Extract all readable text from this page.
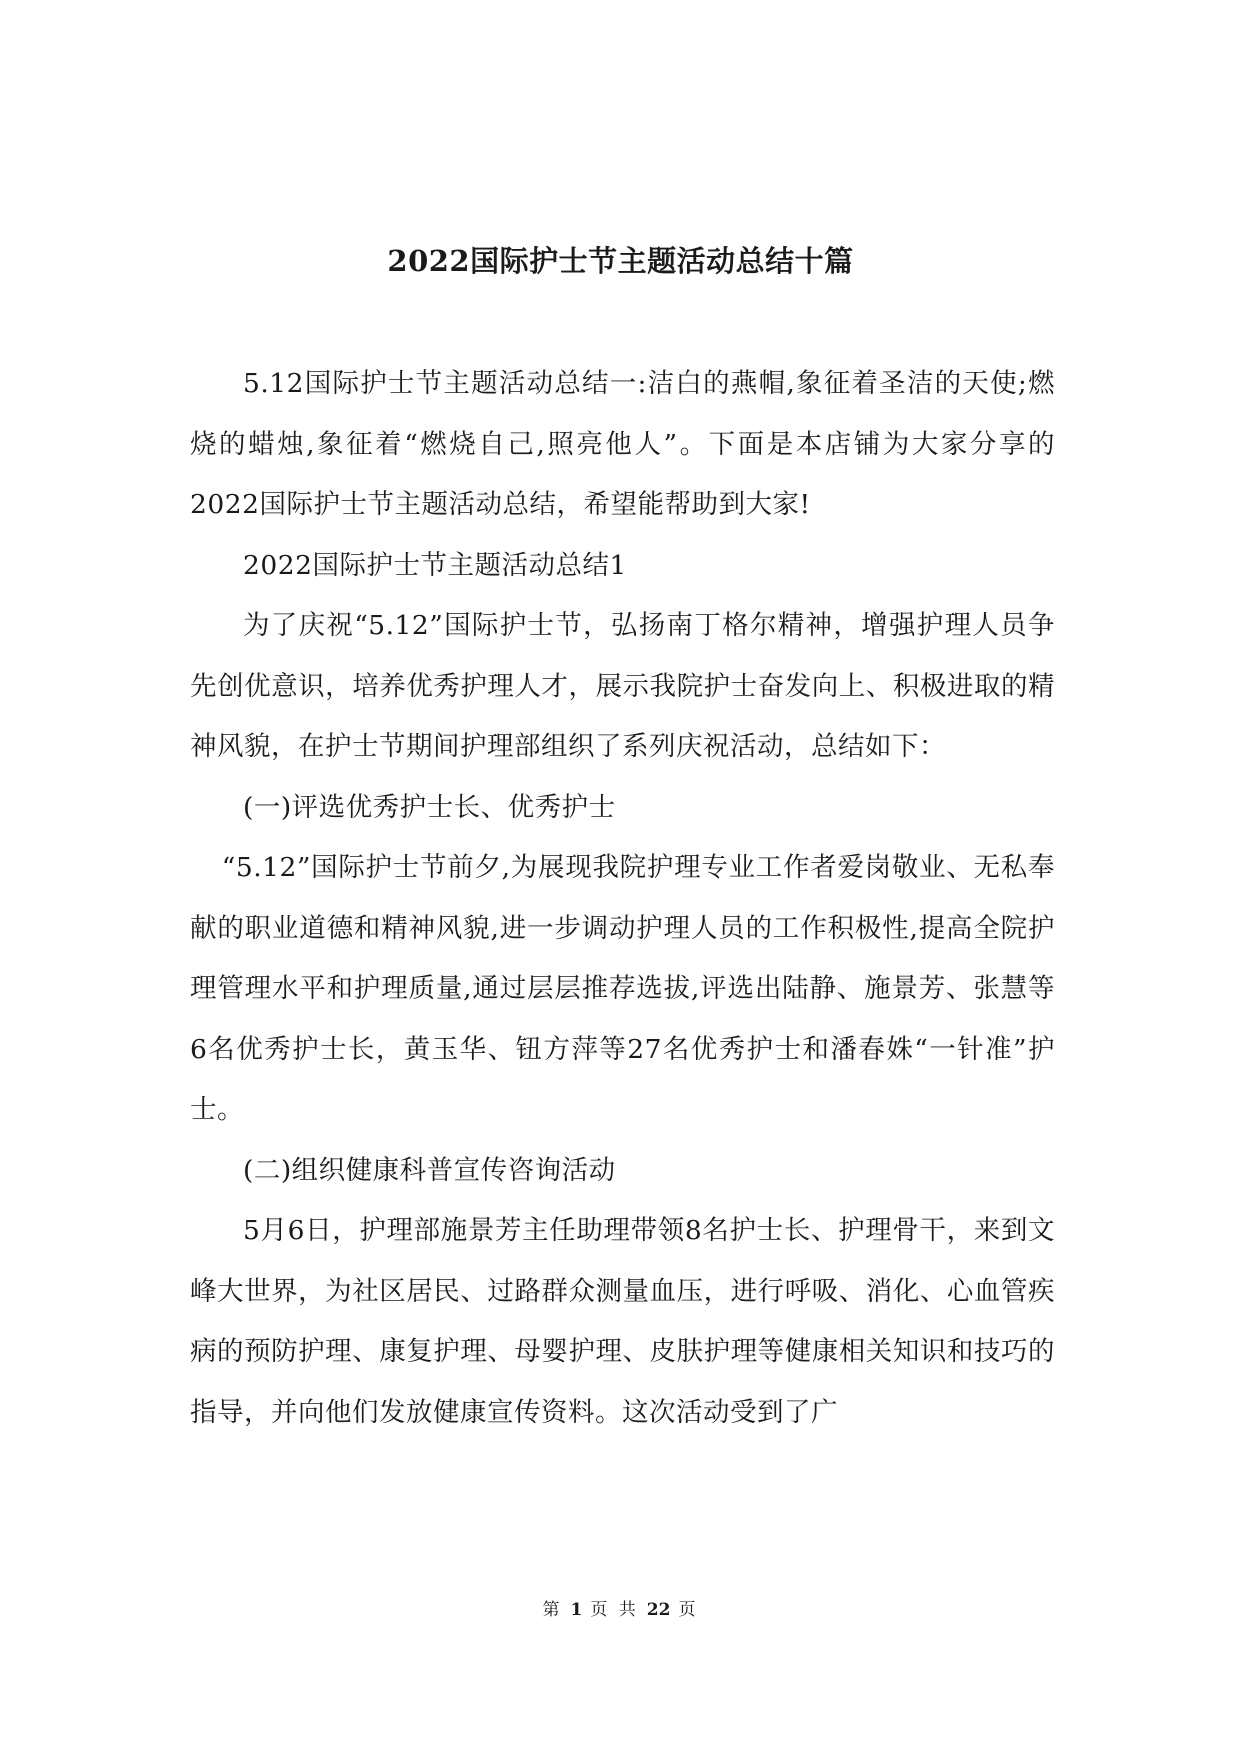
2022国际护士节主题活动总结十篇

5.12国际护士节主题活动总结一:洁白的燕帽,象征着圣洁的天使;燃烧的蜡烛,象征着“燃烧自己,照亮他人”。下面是本店铺为大家分享的2022国际护士节主题活动总结，希望能帮助到大家!

2022国际护士节主题活动总结1

为了庆祝“5.12”国际护士节，弘扬南丁格尔精神，增强护理人员争先创优意识，培养优秀护理人才，展示我院护士奋发向上、积极进取的精神风貌，在护士节期间护理部组织了系列庆祝活动，总结如下：

(一)评选优秀护士长、优秀护士

“5.12”国际护士节前夕,为展现我院护理专业工作者爱岗敬业、无私奉献的职业道德和精神风貌,进一步调动护理人员的工作积极性,提高全院护理管理水平和护理质量,通过层层推荐选拔,评选出陆静、施景芳、张慧等6名优秀护士长，黄玉华、钮方萍等27名优秀护士和潘春姝“一针准”护士。

(二)组织健康科普宣传咨询活动

5月6日，护理部施景芳主任助理带领8名护士长、护理骨干，来到文峰大世界，为社区居民、过路群众测量血压，进行呼吸、消化、心血管疾病的预防护理、康复护理、母婴护理、皮肤护理等健康相关知识和技巧的指导，并向他们发放健康宣传资料。这次活动受到了广

第 1 页 共 22 页
